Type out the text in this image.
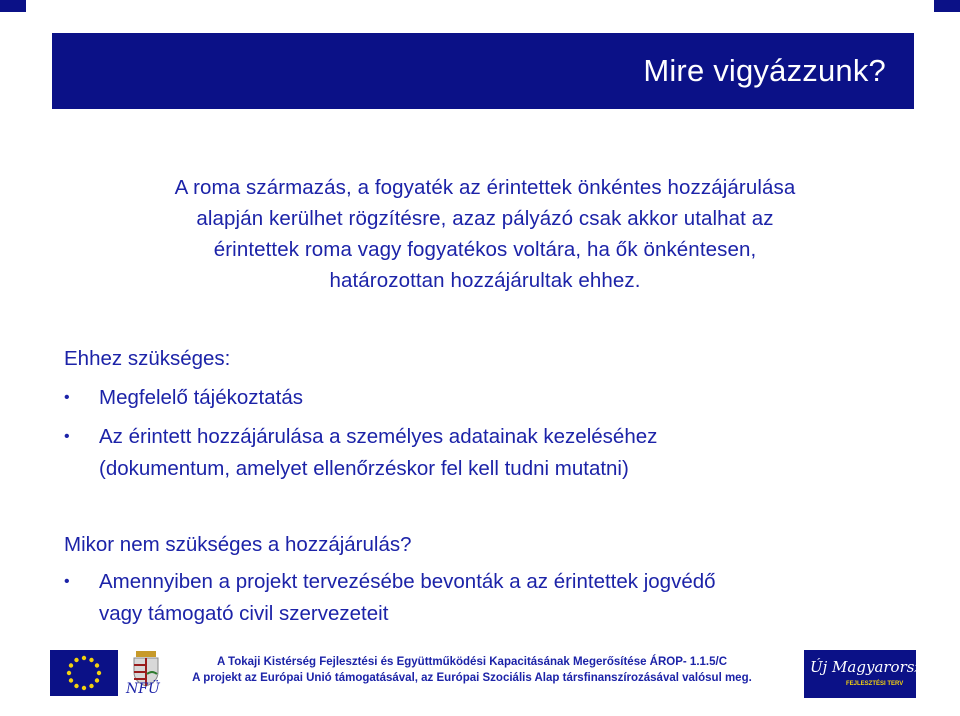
Mire vigyázzunk?
A roma származás, a fogyaték az érintettek önkéntes hozzájárulása
alapján kerülhet rögzítésre, azaz pályázó csak akkor utalhat az
érintettek roma vagy fogyatékos voltára, ha ők önkéntesen,
határozottan hozzájárultak ehhez.
Ehhez szükséges:
• Megfelelő tájékoztatás
• Az érintett hozzájárulása a személyes adatainak kezeléséhez
(dokumentum, amelyet ellenőrzéskor fel kell tudni mutatni)
Mikor nem szükséges a hozzájárulás?
• Amennyiben a projekt tervezésébe bevonták a az érintettek jogvédő
vagy támogató civil szervezeteit
NFÜ
A Tokaji Kistérség Fejlesztési és Együttműködési Kapacitásának Megerősítése ÁROP- 1.1.5/C
A projekt az Európai Unió támogatásával, az Európai Szociális Alap társfinanszírozásával valósul meg.
Új Magyarország
FEJLESZTÉSI TERV
